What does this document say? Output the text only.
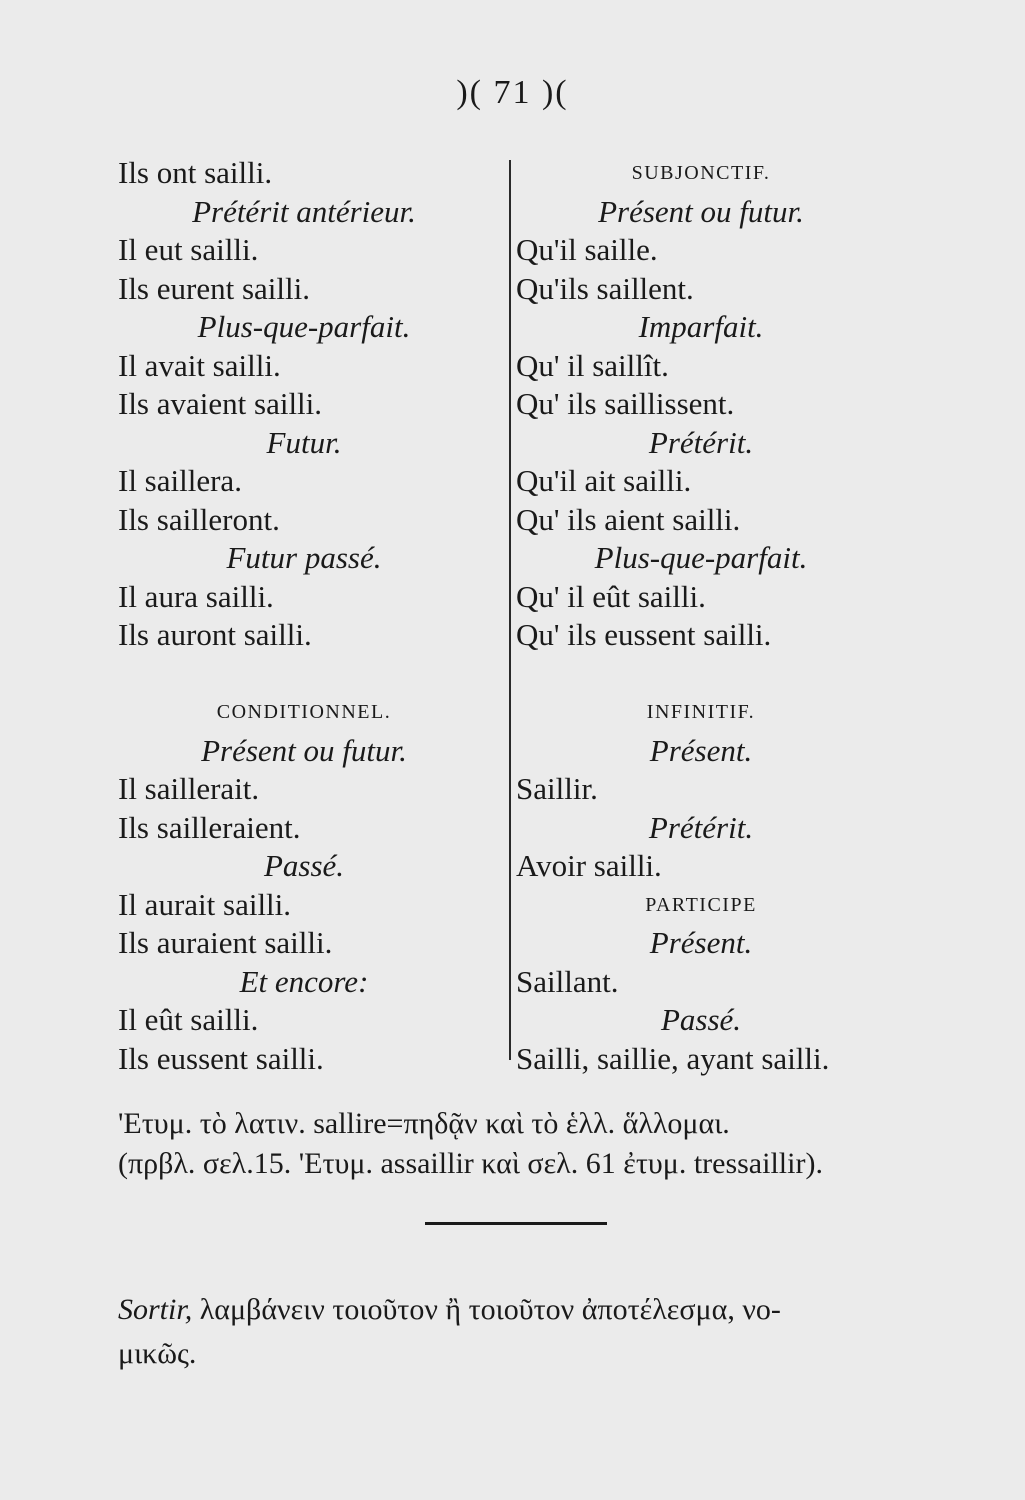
)( 71 )(
Ils ont sailli.
Prétérit antérieur.
Il eut sailli.
Ils eurent sailli.
Plus-que-parfait.
Il avait sailli.
Ils avaient sailli.
Futur.
Il saillera.
Ils sailleront.
Futur passé.
Il aura sailli.
Ils auront sailli.
CONDITIONNEL.
Présent ou futur.
Il saillerait.
Ils sailleraient.
Passé.
Il aurait sailli.
Ils auraient sailli.
Et encore:
Il eût sailli.
Ils eussent sailli.
SUBJONCTIF.
Présent ou futur.
Qu'il saille.
Qu'ils saillent.
Imparfait.
Qu' il saillît.
Qu' ils saillissent.
Prétérit.
Qu'il ait sailli.
Qu' ils aient sailli.
Plus-que-parfait.
Qu' il eût sailli.
Qu' ils eussent sailli.
INFINITIF.
Présent.
Saillir.
Prétérit.
Avoir sailli.
PARTICIPE
Présent.
Saillant.
Passé.
Sailli, saillie, ayant sailli.
'Ετυμ. τὸ λατιν. sallire=πηδᾷν καὶ τὸ ἑλλ. ἅλλομαι.
(πρβλ. σελ.15. 'Ετυμ. assaillir καὶ σελ. 61 ἐτυμ. tressaillir).
Sortir, λαμβάνειν τοιοῦτον ἢ τοιοῦτον ἀποτέλεσμα, νο-
μικῶς.
